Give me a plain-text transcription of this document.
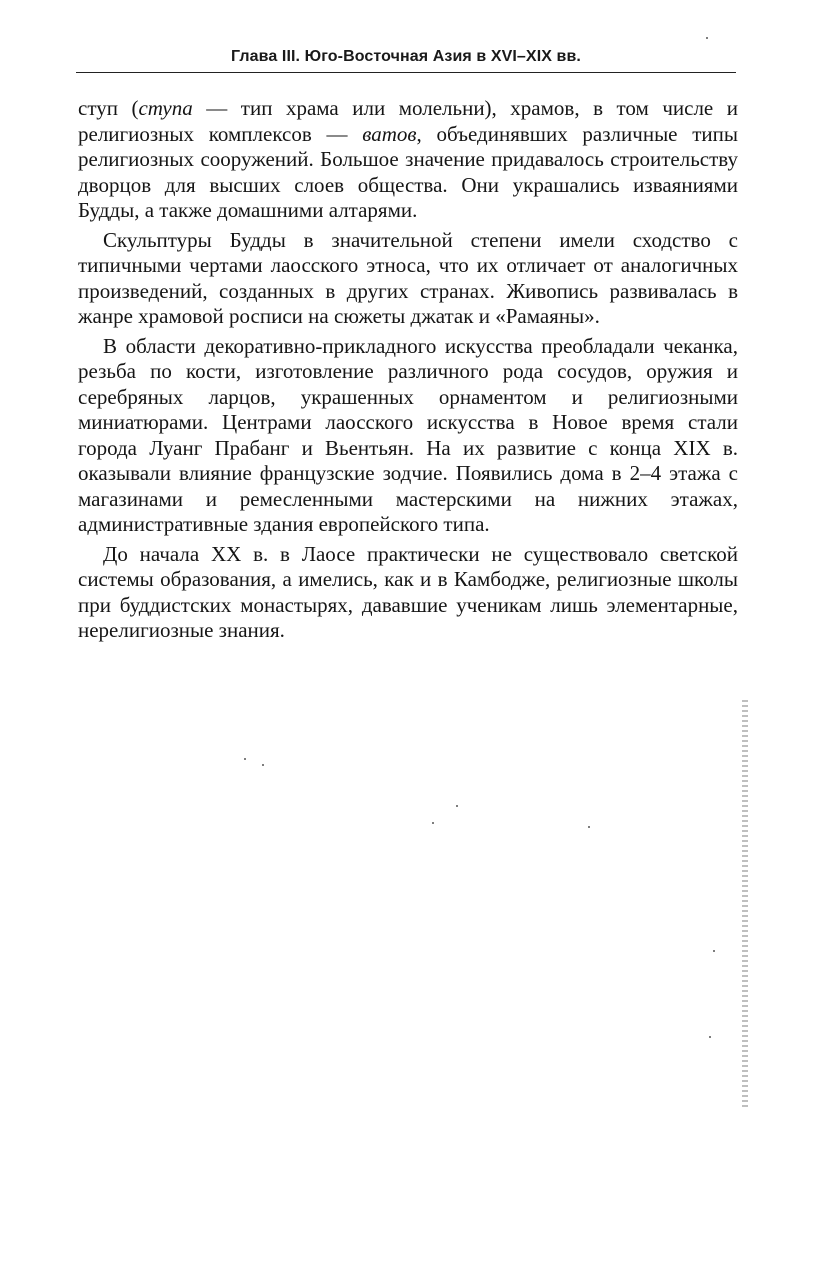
Глава III. Юго-Восточная Азия в XVI–XIX вв.

ступ (ступа — тип храма или молельни), храмов, в том числе и религиозных комплексов — ватов, объединявших различные типы религиозных сооружений. Большое значение придавалось строительству дворцов для высших слоев общества. Они украшались изваяниями Будды, а также домашними алтарями.

Скульптуры Будды в значительной степени имели сходство с типичными чертами лаосского этноса, что их отличает от аналогичных произведений, созданных в других странах. Живопись развивалась в жанре храмовой росписи на сюжеты джатак и «Рамаяны».

В области декоративно-прикладного искусства преобладали чеканка, резьба по кости, изготовление различного рода сосудов, оружия и серебряных ларцов, украшенных орнаментом и религиозными миниатюрами. Центрами лаосского искусства в Новое время стали города Луанг Прабанг и Вьентьян. На их развитие с конца XIX в. оказывали влияние французские зодчие. Появились дома в 2–4 этажа с магазинами и ремесленными мастерскими на нижних этажах, административные здания европейского типа.

До начала XX в. в Лаосе практически не существовало светской системы образования, а имелись, как и в Камбодже, религиозные школы при буддистских монастырях, дававшие ученикам лишь элементарные, нерелигиозные знания.
